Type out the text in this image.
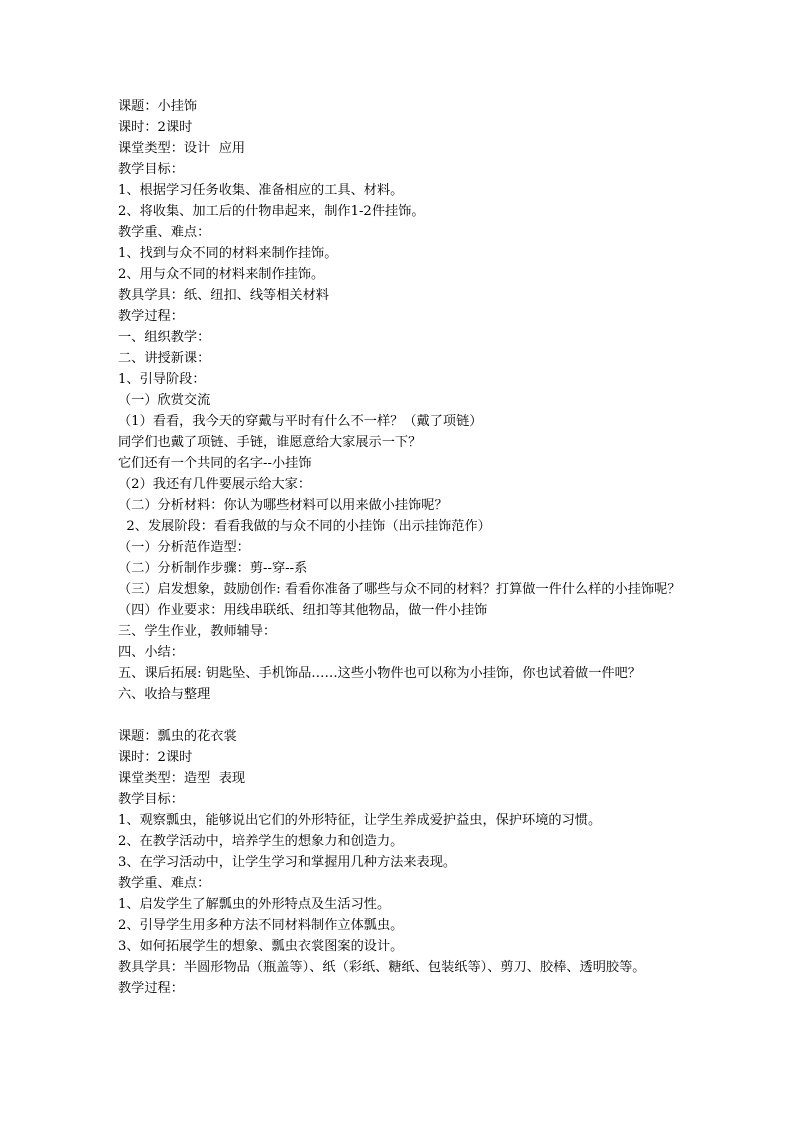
课题：小挂饰
课时：2课时
课堂类型：设计  应用
教学目标：
1、根据学习任务收集、准备相应的工具、材料。
2、将收集、加工后的什物串起来，制作1-2件挂饰。
教学重、难点：
1、找到与众不同的材料来制作挂饰。
2、用与众不同的材料来制作挂饰。
教具学具：纸、纽扣、线等相关材料
教学过程：
一、组织教学：
二、讲授新课：
1、引导阶段：
（一）欣赏交流
（1）看看，我今天的穿戴与平时有什么不一样？（戴了项链）
同学们也戴了项链、手链，谁愿意给大家展示一下？
它们还有一个共同的名字--小挂饰
（2）我还有几件要展示给大家：
（二）分析材料：你认为哪些材料可以用来做小挂饰呢？
2、发展阶段：看看我做的与众不同的小挂饰（出示挂饰范作）
（一）分析范作造型：
（二）分析制作步骤：剪--穿--系
（三）启发想象，鼓励创作: 看看你准备了哪些与众不同的材料？打算做一件什么样的小挂饰呢？
（四）作业要求：用线串联纸、纽扣等其他物品，做一件小挂饰
三、学生作业，教师辅导：
四、小结：
五、课后拓展: 钥匙坠、手机饰品……这些小物件也可以称为小挂饰，你也试着做一件吧？
六、收拾与整理
课题：瓢虫的花衣裳
课时：2课时
课堂类型：造型  表现
教学目标：
1、观察瓢虫，能够说出它们的外形特征，让学生养成爱护益虫，保护环境的习惯。
2、在教学活动中，培养学生的想象力和创造力。
3、在学习活动中，让学生学习和掌握用几种方法来表现。
教学重、难点：
1、启发学生了解瓢虫的外形特点及生活习性。
2、引导学生用多种方法不同材料制作立体瓢虫。
3、如何拓展学生的想象、瓢虫衣裳图案的设计。
教具学具：半圆形物品（瓶盖等）、纸（彩纸、糖纸、包装纸等）、剪刀、胶棒、透明胶等。
教学过程：
